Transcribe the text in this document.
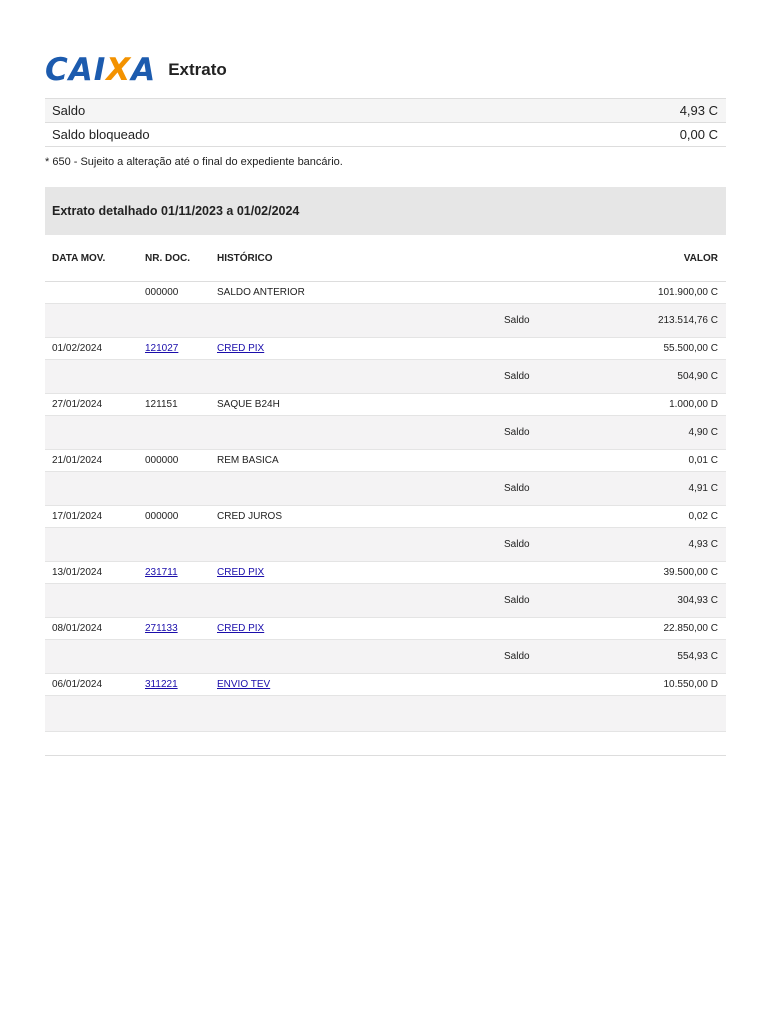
CAIXA Extrato
Saldo	4,93 C
Saldo bloqueado	0,00 C
* 650 - Sujeito a alteração até o final do expediente bancário.
Extrato detalhado 01/11/2023 a 01/02/2024
DATA MOV.	NR. DOC.	HISTÓRICO	VALOR
000000	SALDO ANTERIOR	101.900,00 C
Saldo	213.514,76 C
01/02/2024	121027	CRED PIX	55.500,00 C
Saldo	504,90 C
27/01/2024	121151	SAQUE B24H	1.000,00 D
Saldo	4,90 C
21/01/2024	000000	REM BASICA	0,01 C
Saldo	4,91 C
17/01/2024	000000	CRED JUROS	0,02 C
Saldo	4,93 C
13/01/2024	231711	CRED PIX	39.500,00 C
Saldo	304,93 C
08/01/2024	271133	CRED PIX	22.850,00 C
Saldo	554,93 C
06/01/2024	311221	ENVIO TEV	10.550,00 D
